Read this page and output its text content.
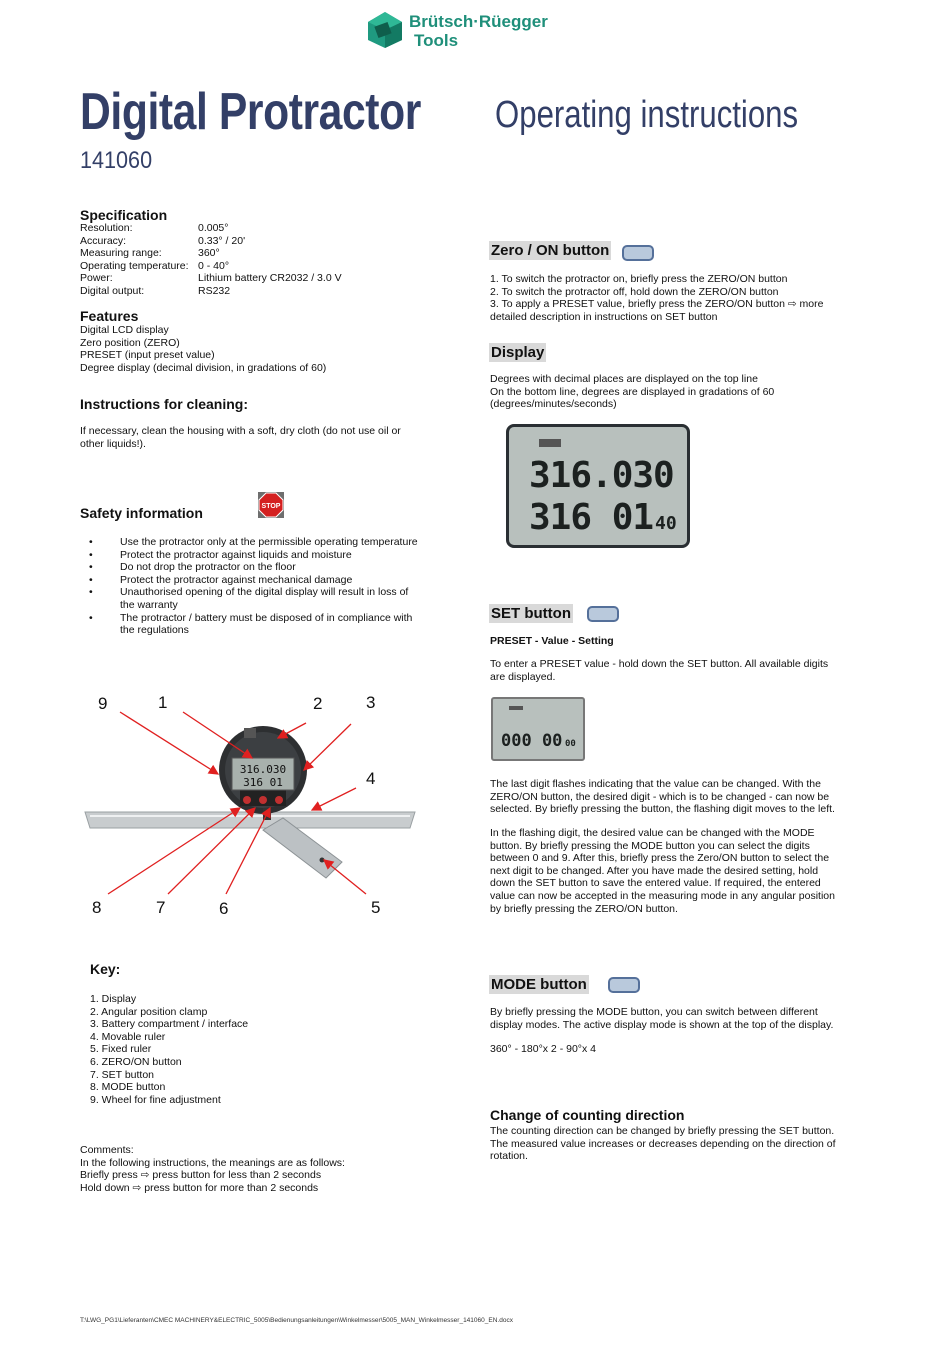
Brütsch·Rüegger
Tools
Digital Protractor
141060
Operating instructions
Specification
Resolution:	0.005°
Accuracy:	0.33° / 20'
Measuring range:	360°
Operating temperature: 0 - 40°
Power:	Lithium battery CR2032 / 3.0 V
Digital output:	RS232
Features
Digital LCD display
Zero position (ZERO)
PRESET (input preset value)
Degree display (decimal division, in gradations of 60)
Instructions for cleaning:
If necessary, clean the housing with a soft, dry cloth (do not use oil or other liquids!).
Safety information	STOP
• Use the protractor only at the permissible operating temperature
• Protect the protractor against liquids and moisture
• Do not drop the protractor on the floor
• Protect the protractor against mechanical damage
• Unauthorised opening of the digital display will result in loss of the warranty
• The protractor / battery must be disposed of in compliance with the regulations
316.030
316 01
9	1	2	3
4
8	7	6	5
Key:
1. Display
2. Angular position clamp
3. Battery compartment / interface
4. Movable ruler
5. Fixed ruler
6. ZERO/ON button
7. SET button
8. MODE button
9. Wheel for fine adjustment
Comments:
In the following instructions, the meanings are as follows:
Briefly press ⇨ press button for less than 2 seconds
Hold down ⇨ press button for more than 2 seconds
Zero / ON button
1. To switch the protractor on, briefly press the ZERO/ON button
2. To switch the protractor off, hold down the ZERO/ON button
3. To apply a PRESET value, briefly press the ZERO/ON button ⇨ more detailed description in instructions on SET button
Display
Degrees with decimal places are displayed on the top line
On the bottom line, degrees are displayed in gradations of 60 (degrees/minutes/seconds)
316.030
316 01 40
SET button
PRESET - Value - Setting
To enter a PRESET value - hold down the SET button. All available digits are displayed.
000 00 00
The last digit flashes indicating that the value can be changed. With the ZERO/ON button, the desired digit - which is to be changed - can now be selected. By briefly pressing the button, the flashing digit moves to the left.
In the flashing digit, the desired value can be changed with the MODE button. By briefly pressing the MODE button you can select the digits between 0 and 9. After this, briefly press the Zero/ON button to select the next digit to be changed. After you have made the desired setting, hold down the SET button to save the entered value. If required, the entered value can now be accepted in the measuring mode in any angular position by briefly pressing the ZERO/ON button.
MODE button
By briefly pressing the MODE button, you can switch between different display modes. The active display mode is shown at the top of the display.
360° - 180°x 2 - 90°x 4
Change of counting direction
The counting direction can be changed by briefly pressing the SET button. The measured value increases or decreases depending on the direction of rotation.
T:\LWG_PG1\Lieferanten\CMEC MACHINERY&ELECTRIC_5005\Bedienungsanleitungen\Winkelmesser\5005_MAN_Winkelmesser_141060_EN.docx
